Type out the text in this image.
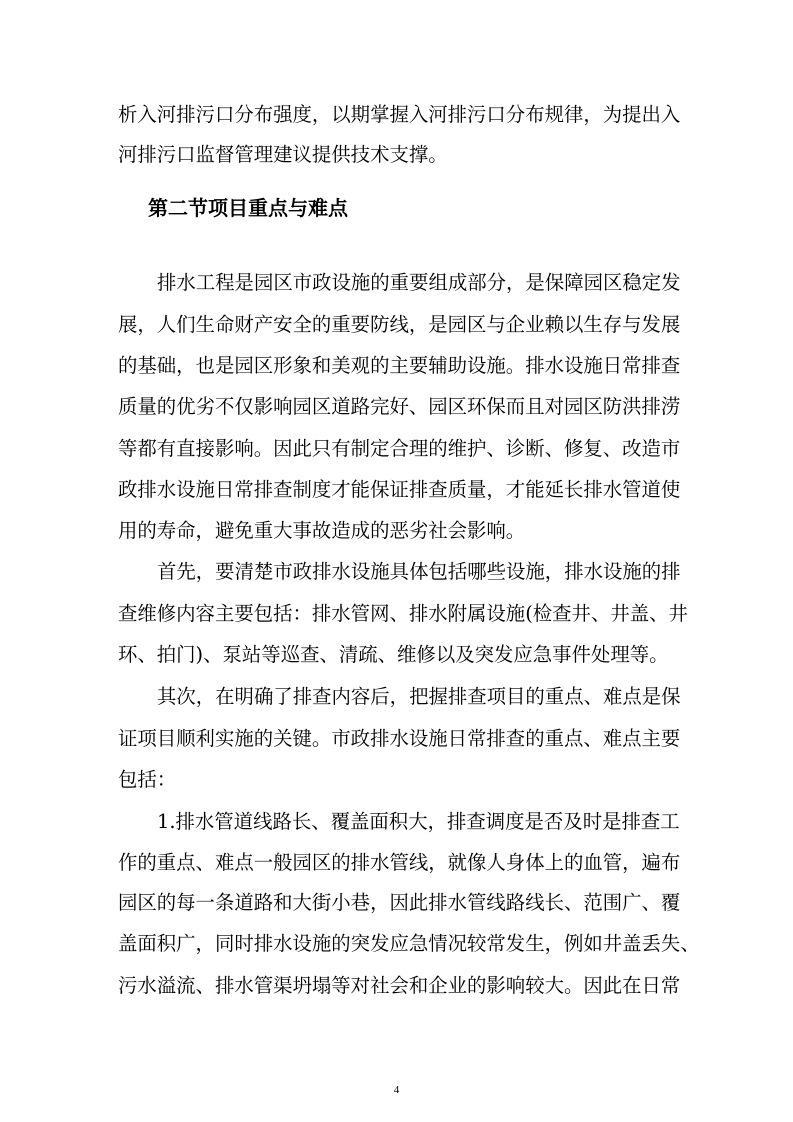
析入河排污口分布强度，以期掌握入河排污口分布规律，为提出入
河排污口监督管理建议提供技术支撑。
第二节项目重点与难点
排水工程是园区市政设施的重要组成部分，是保障园区稳定发
展，人们生命财产安全的重要防线，是园区与企业赖以生存与发展
的基础，也是园区形象和美观的主要辅助设施。排水设施日常排查
质量的优劣不仅影响园区道路完好、园区环保而且对园区防洪排涝
等都有直接影响。因此只有制定合理的维护、诊断、修复、改造市
政排水设施日常排查制度才能保证排查质量，才能延长排水管道使
用的寿命，避免重大事故造成的恶劣社会影响。
首先，要清楚市政排水设施具体包括哪些设施，排水设施的排
查维修内容主要包括：排水管网、排水附属设施(检查井、井盖、井
环、拍门)、泵站等巡查、清疏、维修以及突发应急事件处理等。
其次，在明确了排查内容后，把握排查项目的重点、难点是保
证项目顺利实施的关键。市政排水设施日常排查的重点、难点主要
包括：
1.排水管道线路长、覆盖面积大，排查调度是否及时是排查工
作的重点、难点一般园区的排水管线，就像人身体上的血管，遍布
园区的每一条道路和大街小巷，因此排水管线路线长、范围广、覆
盖面积广，同时排水设施的突发应急情况较常发生，例如井盖丢失、
污水溢流、排水管渠坍塌等对社会和企业的影响较大。因此在日常
4
